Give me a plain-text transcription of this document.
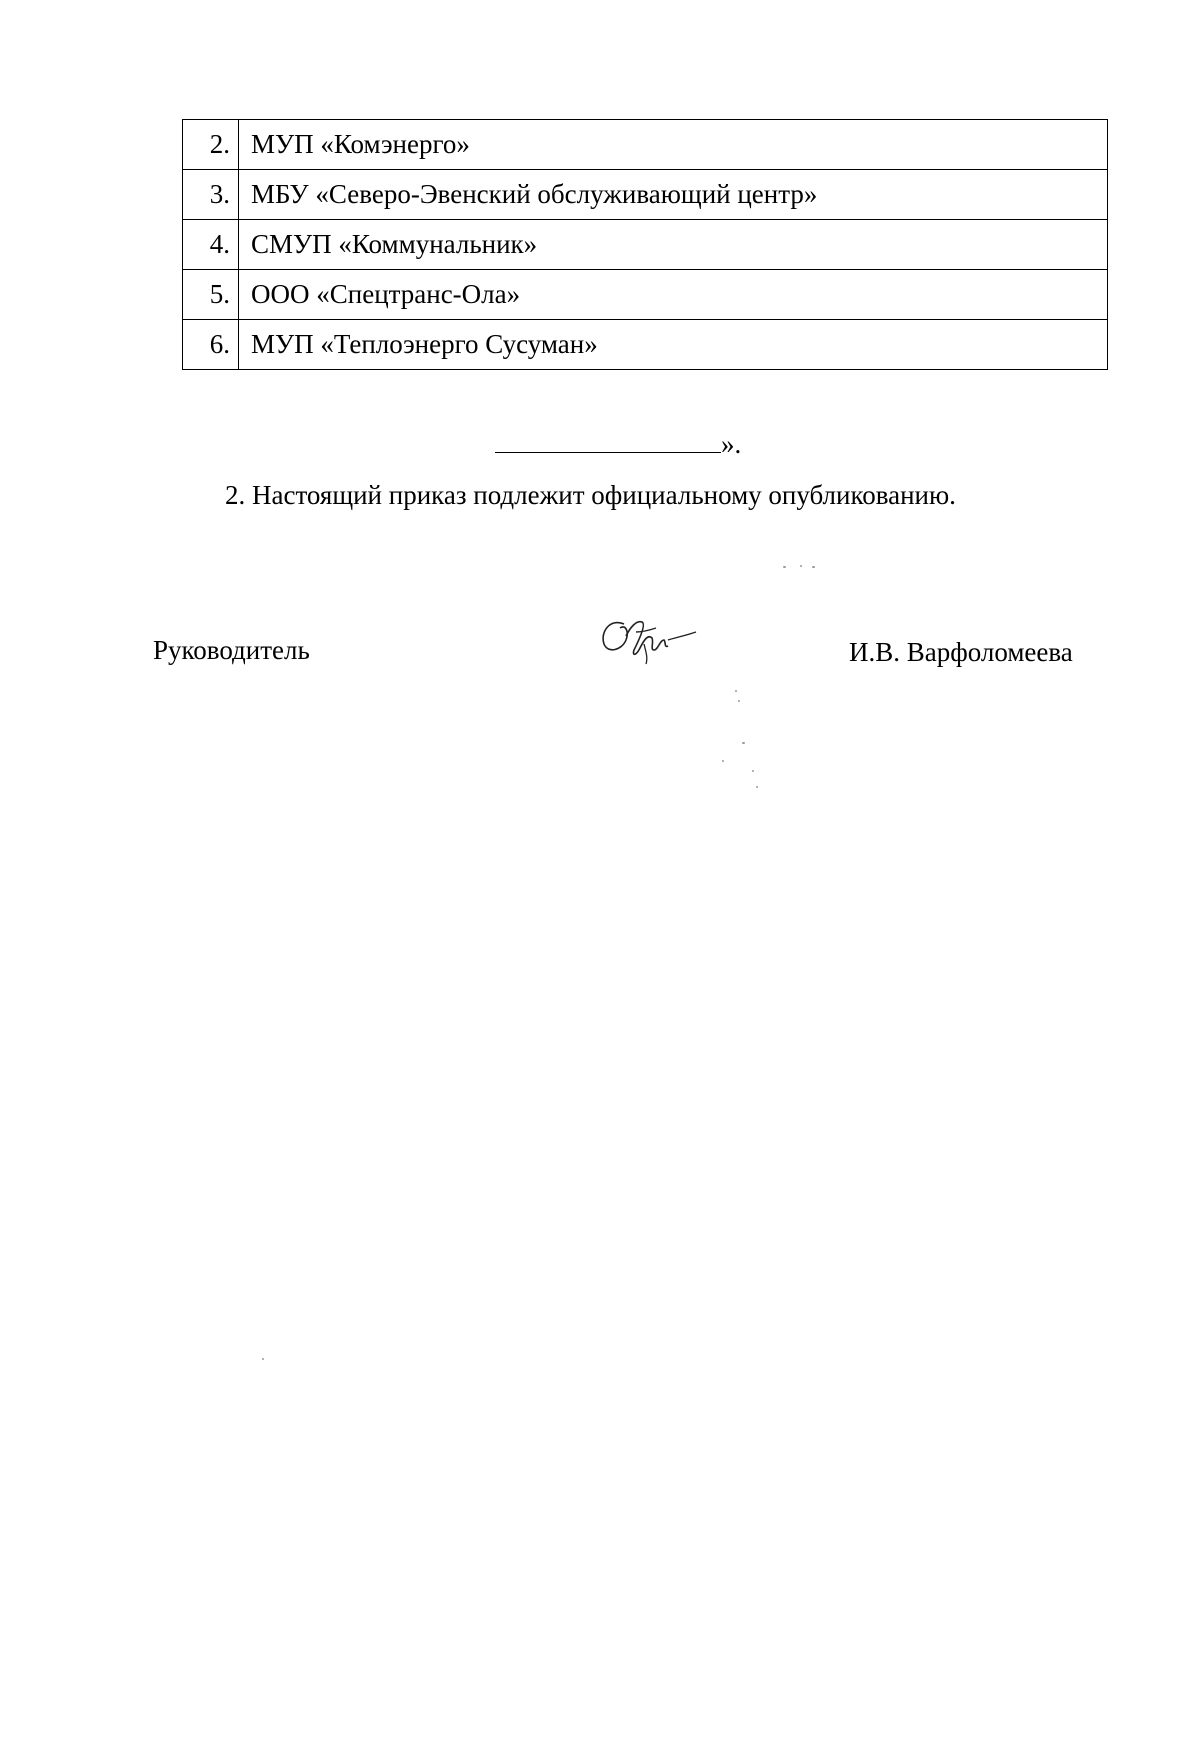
2.	МУП «Комэнерго»
3.	МБУ «Северо-Эвенский обслуживающий центр»
4.	СМУП «Коммунальник»
5.	ООО «Спецтранс-Ола»
6.	МУП «Теплоэнерго Сусуман»
».
2. Настоящий приказ подлежит официальному опубликованию.
Руководитель	И.В. Варфоломеева
